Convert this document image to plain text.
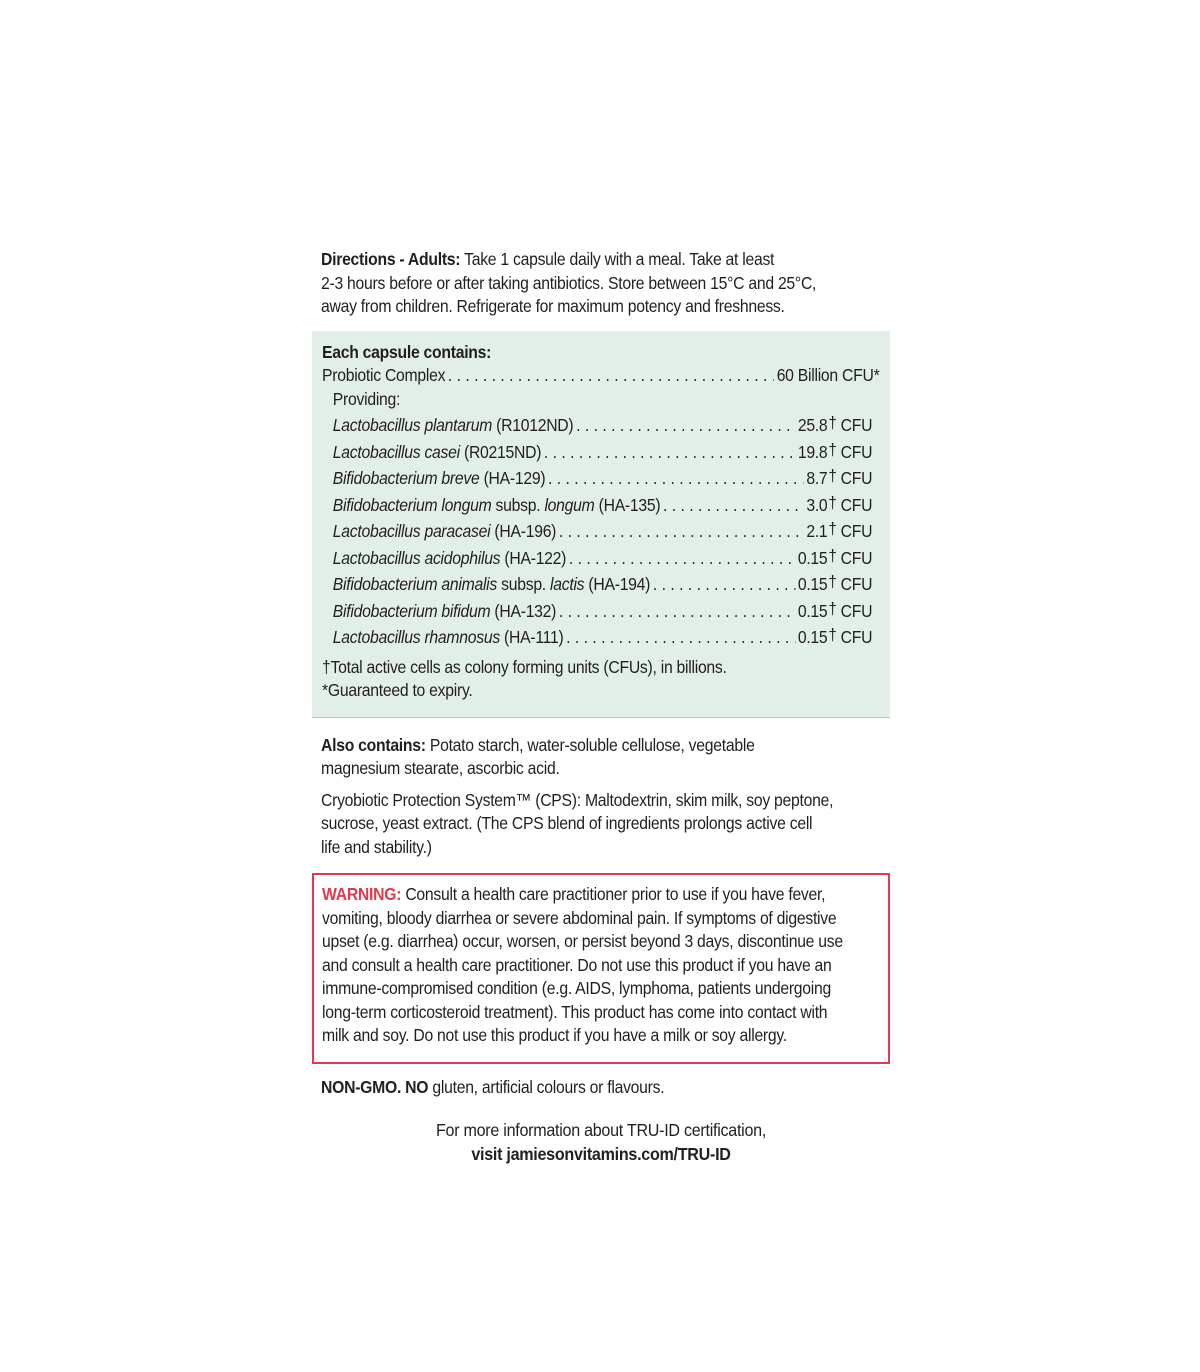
Directions - Adults: Take 1 capsule daily with a meal. Take at least
2-3 hours before or after taking antibiotics. Store between 15°C and 25°C,
away from children. Refrigerate for maximum potency and freshness.
Each capsule contains:
Probiotic Complex . . .	60 Billion CFU*
Providing:
Lactobacillus plantarum (R1012ND) . . .	25.8† CFU
Lactobacillus casei (R0215ND) . . .	19.8† CFU
Bifidobacterium breve (HA-129) . . .	8.7† CFU
Bifidobacterium longum subsp. longum (HA-135) . . .	3.0† CFU
Lactobacillus paracasei (HA-196) . . .	2.1† CFU
Lactobacillus acidophilus (HA-122) . . .	0.15† CFU
Bifidobacterium animalis subsp. lactis (HA-194) . . .	0.15† CFU
Bifidobacterium bifidum (HA-132) . . .	0.15† CFU
Lactobacillus rhamnosus (HA-111) . . .	0.15† CFU
†Total active cells as colony forming units (CFUs), in billions.
*Guaranteed to expiry.
Also contains: Potato starch, water-soluble cellulose, vegetable
magnesium stearate, ascorbic acid.
Cryobiotic Protection System™ (CPS): Maltodextrin, skim milk, soy peptone,
sucrose, yeast extract. (The CPS blend of ingredients prolongs active cell
life and stability.)
WARNING: Consult a health care practitioner prior to use if you have fever,
vomiting, bloody diarrhea or severe abdominal pain. If symptoms of digestive
upset (e.g. diarrhea) occur, worsen, or persist beyond 3 days, discontinue use
and consult a health care practitioner. Do not use this product if you have an
immune-compromised condition (e.g. AIDS, lymphoma, patients undergoing
long-term corticosteroid treatment). This product has come into contact with
milk and soy. Do not use this product if you have a milk or soy allergy.
NON-GMO. NO gluten, artificial colours or flavours.
For more information about TRU-ID certification,
visit jamiesonvitamins.com/TRU-ID
